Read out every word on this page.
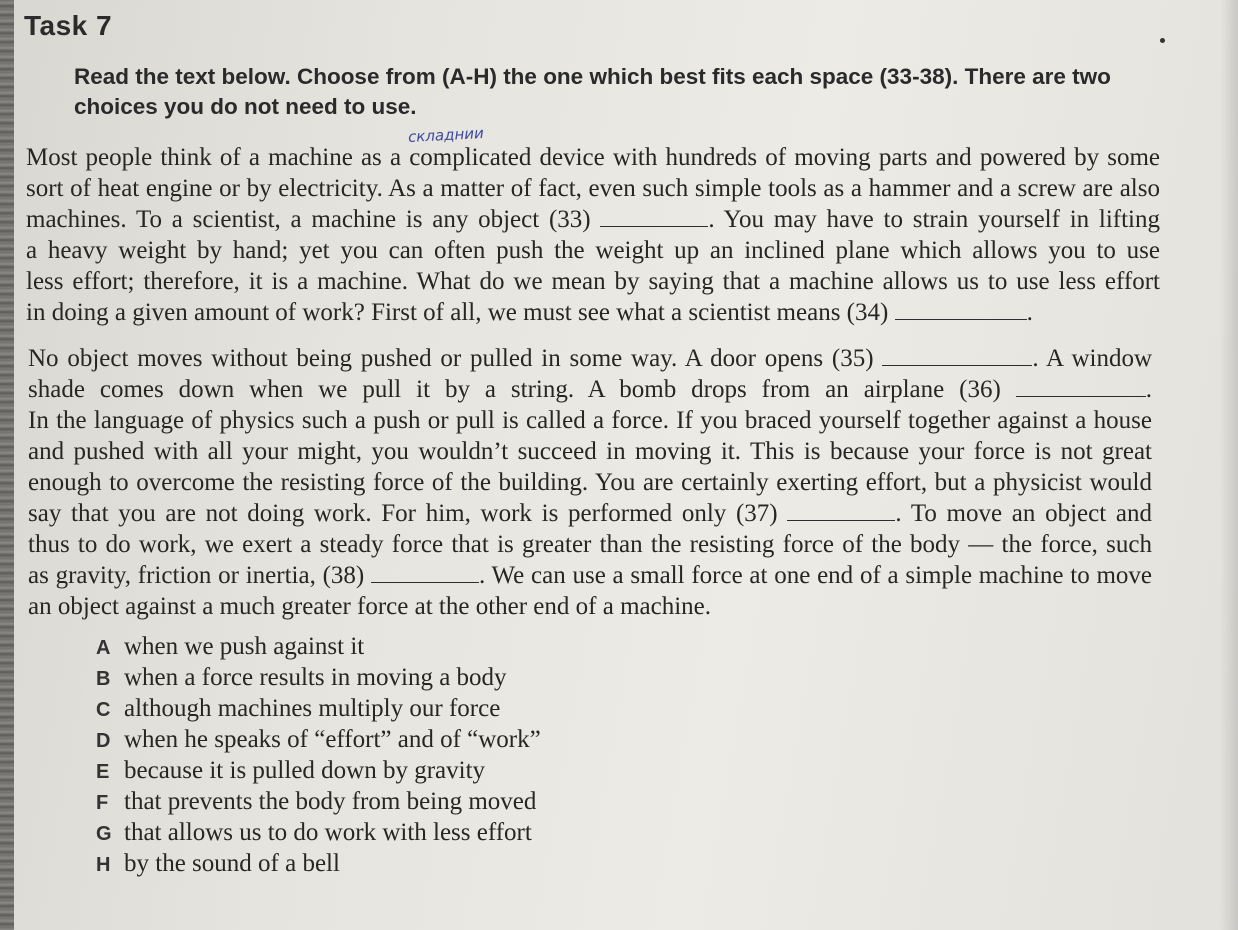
Task 7
Read the text below. Choose from (A-H) the one which best fits each space (33-38). There are two
choices you do not need to use.
складнии
Most people think of a machine as a complicated device with hundreds of moving parts and powered by some
sort of heat engine or by electricity. As a matter of fact, even such simple tools as a hammer and a screw are also
machines. To a scientist, a machine is any object (33)	. You may have to strain yourself in lifting
a heavy weight by hand; yet you can often push the weight up an inclined plane which allows you to use
less effort; therefore, it is a machine. What do we mean by saying that a machine allows us to use less effort
in doing a given amount of work? First of all, we must see what a scientist means (34)	.
No object moves without being pushed or pulled in some way. A door opens (35)	. A window
shade comes down when we pull it by a string. A bomb drops from an airplane (36)	.
In the language of physics such a push or pull is called a force. If you braced yourself together against a house
and pushed with all your might, you wouldn’t succeed in moving it. This is because your force is not great
enough to overcome the resisting force of the building. You are certainly exerting effort, but a physicist would
say that you are not doing work. For him, work is performed only (37)	. To move an object and
thus to do work, we exert a steady force that is greater than the resisting force of the body — the force, such
as gravity, friction or inertia, (38)	. We can use a small force at one end of a simple machine to move
an object against a much greater force at the other end of a machine.
A when we push against it
B when a force results in moving a body
C although machines multiply our force
D when he speaks of “effort” and of “work”
E because it is pulled down by gravity
F that prevents the body from being moved
G that allows us to do work with less effort
H by the sound of a bell
